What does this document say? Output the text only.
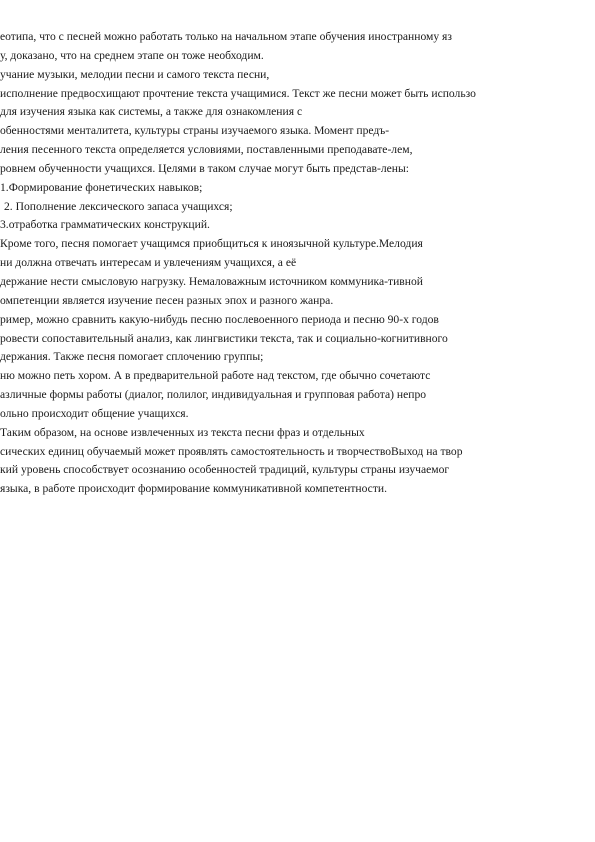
еотипа, что с песней можно работать только на начальном этапе обучения иностранному яз
у, доказано, что на среднем этапе он тоже необходим.
учание музыки, мелодии песни и самого текста песни,
исполнение предвосхищают прочтение текста учащимися. Текст же песни может быть использо
для изучения языка как системы, а также для ознакомления с
обенностями менталитета, культуры страны изучаемого языка. Момент предъ-
ления песенного текста определяется условиями, поставленными преподавате-лем,
ровнем обученности учащихся. Целями в таком случае могут быть представ-лены:
1.Формирование фонетических навыков;
2. Пополнение лексического запаса учащихся;
3.отработка грамматических конструкций.
Кроме того, песня помогает учащимся приобщиться к иноязычной культуре.Мелодия
ни должна отвечать интересам и увлечениям учащихся, а её
держание нести смысловую нагрузку. Немаловажным источником коммуника-тивной
омпетенции является изучение песен разных эпох и разного жанра.
ример, можно сравнить какую-нибудь песню послевоенного периода и песню 90-х годов
ровести сопоставительный анализ, как лингвистики текста, так и социально-когнитивного
держания. Также песня помогает сплочению группы;
ню можно петь хором. А в предварительной работе над текстом, где обычно сочетаютс
азличные формы работы (диалог, полилог, индивидуальная и групповая работа) непро
ольно происходит общение учащихся.
Таким образом, на основе извлеченных из текста песни фраз и отдельных
сических единиц обучаемый может проявлять самостоятельность и творчествоВыход на твор
кий уровень способствует осознанию особенностей традиций, культуры страны изучаемог
языка, в работе происходит формирование коммуникативной компетентности.
